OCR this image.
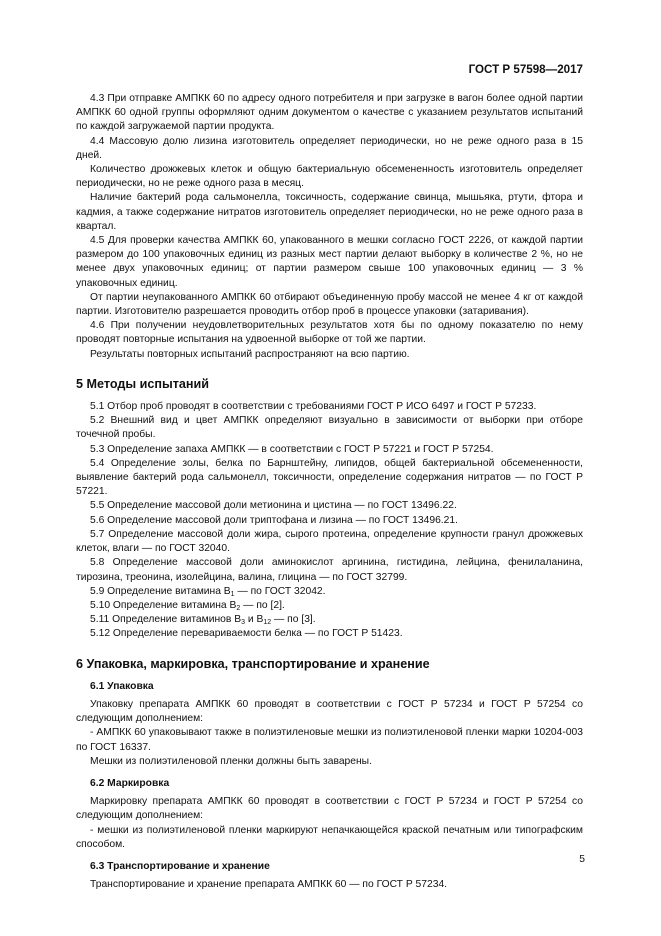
ГОСТ Р 57598—2017

4.3 При отправке АМПКК 60 по адресу одного потребителя и при загрузке в вагон более одной партии АМПКК 60 одной группы оформляют одним документом о качестве с указанием результатов испытаний по каждой загружаемой партии продукта.

4.4 Массовую долю лизина изготовитель определяет периодически, но не реже одного раза в 15 дней.

Количество дрожжевых клеток и общую бактериальную обсемененность изготовитель определяет периодически, но не реже одного раза в месяц.

Наличие бактерий рода сальмонелла, токсичность, содержание свинца, мышьяка, ртути, фтора и кадмия, а также содержание нитратов изготовитель определяет периодически, но не реже одного раза в квартал.

4.5 Для проверки качества АМПКК 60, упакованного в мешки согласно ГОСТ 2226, от каждой партии размером до 100 упаковочных единиц из разных мест партии делают выборку в количестве 2 %, но не менее двух упаковочных единиц; от партии размером свыше 100 упаковочных единиц — 3 % упаковочных единиц.

От партии неупакованного АМПКК 60 отбирают объединенную пробу массой не менее 4 кг от каждой партии. Изготовителю разрешается проводить отбор проб в процессе упаковки (затаривания).

4.6 При получении неудовлетворительных результатов хотя бы по одному показателю по нему проводят повторные испытания на удвоенной выборке от той же партии.

Результаты повторных испытаний распространяют на всю партию.

5 Методы испытаний

5.1 Отбор проб проводят в соответствии с требованиями ГОСТ Р ИСО 6497 и ГОСТ Р 57233.

5.2 Внешний вид и цвет АМПКК определяют визуально в зависимости от выборки при отборе точечной пробы.

5.3 Определение запаха АМПКК — в соответствии с ГОСТ Р 57221 и ГОСТ Р 57254.

5.4 Определение золы, белка по Барнштейну, липидов, общей бактериальной обсемененности, выявление бактерий рода сальмонелл, токсичности, определение содержания нитратов — по ГОСТ Р 57221.

5.5 Определение массовой доли метионина и цистина — по ГОСТ 13496.22.

5.6 Определение массовой доли триптофана и лизина — по ГОСТ 13496.21.

5.7 Определение массовой доли жира, сырого протеина, определение крупности гранул дрожжевых клеток, влаги — по ГОСТ 32040.

5.8 Определение массовой доли аминокислот аргинина, гистидина, лейцина, фенилаланина, тирозина, треонина, изолейцина, валина, глицина — по ГОСТ 32799.

5.9 Определение витамина $B_1$ — по ГОСТ 32042.

5.10 Определение витамина $B_2$ — по [2].

5.11 Определение витаминов $B_3$ и $B_{12}$ — по [3].

5.12 Определение перевариваемости белка — по ГОСТ Р 51423.

6 Упаковка, маркировка, транспортирование и хранение
6.1 Упаковка

Упаковку препарата АМПКК 60 проводят в соответствии с ГОСТ Р 57234 и ГОСТ Р 57254 со следующим дополнением:

- АМПКК 60 упаковывают также в полиэтиленовые мешки из полиэтиленовой пленки марки 10204-003 по ГОСТ 16337.

Мешки из полиэтиленовой пленки должны быть заварены.

6.2 Маркировка

Маркировку препарата АМПКК 60 проводят в соответствии с ГОСТ Р 57234 и ГОСТ Р 57254 со следующим дополнением:

- мешки из полиэтиленовой пленки маркируют непачкающейся краской печатным или типографским способом.

6.3 Транспортирование и хранение

Транспортирование и хранение препарата АМПКК 60 — по ГОСТ Р 57234.

5
